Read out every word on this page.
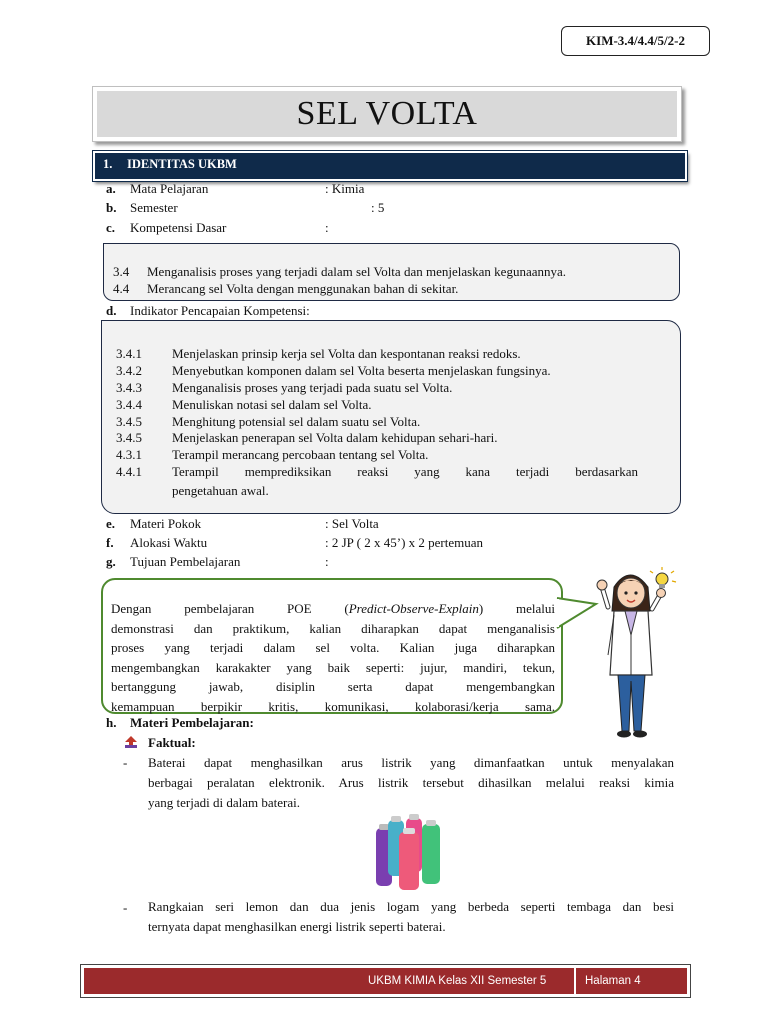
KIM-3.4/4.4/5/2-2
SEL VOLTA
1. IDENTITAS UKBM
a. Mata Pelajaran	: Kimia
b. Semester	: 5
c. Kompetensi Dasar	:
3.4 Menganalisis proses yang terjadi dalam sel Volta dan menjelaskan kegunaannya.
4.4 Merancang sel Volta dengan menggunakan bahan di sekitar.
d. Indikator Pencapaian Kompetensi:
3.4.1 Menjelaskan prinsip kerja sel Volta dan kespontanan reaksi redoks.
3.4.2 Menyebutkan komponen dalam sel Volta beserta menjelaskan fungsinya.
3.4.3 Menganalisis proses yang terjadi pada suatu sel Volta.
3.4.4 Menuliskan notasi sel dalam sel Volta.
3.4.5 Menghitung potensial sel dalam suatu sel Volta.
3.4.5 Menjelaskan penerapan sel Volta dalam kehidupan sehari-hari.
4.3.1 Terampil merancang percobaan tentang sel Volta.
4.4.1 Terampil memprediksikan reaksi yang kana terjadi berdasarkan
pengetahuan awal.
e. Materi Pokok	: Sel Volta
f. Alokasi Waktu	: 2 JP ( 2 x 45’) x 2 pertemuan
g. Tujuan Pembelajaran	:
Dengan pembelajaran POE (Predict-Observe-Explain) melalui
demonstrasi dan praktikum, kalian diharapkan dapat menganalisis
proses yang terjadi dalam sel volta. Kalian juga diharapkan
mengembangkan karakakter yang baik seperti: jujur, mandiri, tekun,
bertanggung jawab, disiplin serta dapat mengembangkan
kemampuan berpikir kritis, komunikasi, kolaborasi/kerja sama.
h. Materi Pembelajaran:
Faktual:
- Baterai dapat menghasilkan arus listrik yang dimanfaatkan untuk menyalakan
berbagai peralatan elektronik. Arus listrik tersebut dihasilkan melalui reaksi kimia
yang terjadi di dalam baterai.
- Rangkaian seri lemon dan dua jenis logam yang berbeda seperti tembaga dan besi
ternyata dapat menghasilkan energi listrik seperti baterai.
UKBM KIMIA Kelas XII Semester 5	Halaman 4
